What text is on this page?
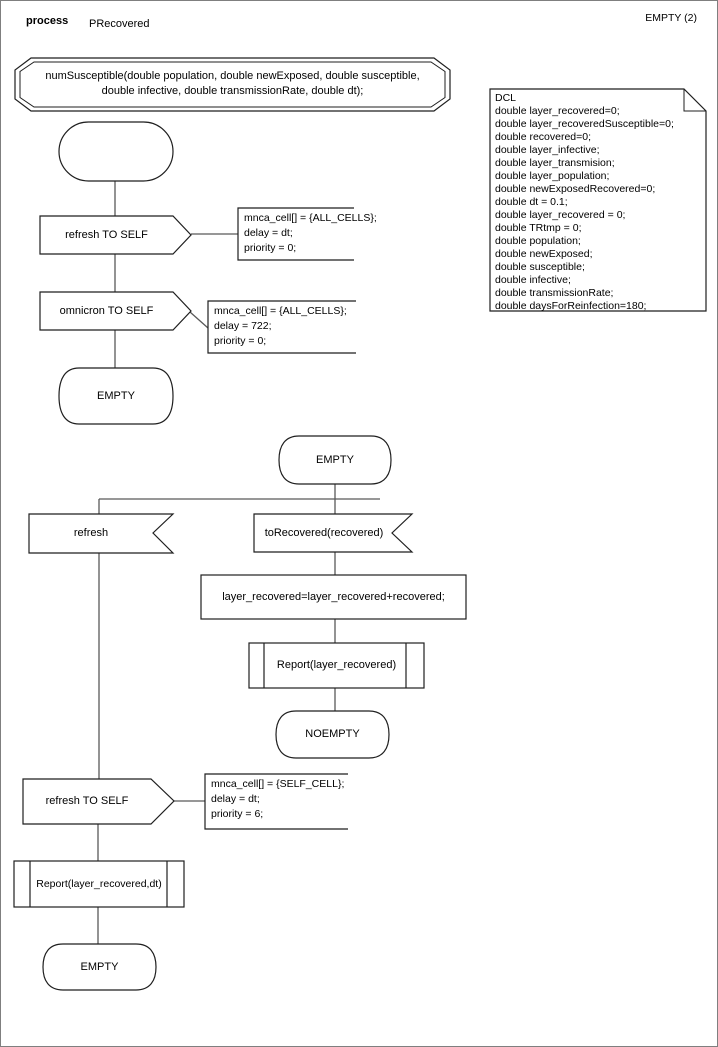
process PRecovered	EMPTY (2)
numSusceptible(double population, double newExposed, double susceptible,
double infective, double transmissionRate, double dt);
DCL
double layer_recovered=0;
double layer_recoveredSusceptible=0;
double recovered=0;
double layer_infective;
double layer_transmision;
double layer_population;
double newExposedRecovered=0;
double dt = 0.1;
double layer_recovered = 0;
double TRtmp = 0;
double population;
double newExposed;
double susceptible;
double infective;
double transmissionRate;
double daysForReinfection=180;
refresh TO SELF
mnca_cell[] = {ALL_CELLS};
delay = dt;
priority = 0;
omnicron TO SELF	mnca_cell[] = {ALL_CELLS};
delay = 722;
priority = 0;
EMPTY
EMPTY
refresh	toRecovered(recovered)
layer_recovered=layer_recovered+recovered;
Report(layer_recovered)
NOEMPTY
refresh TO SELF
mnca_cell[] = {SELF_CELL};
delay = dt;
priority = 6;
Report(layer_recovered,dt)
EMPTY
